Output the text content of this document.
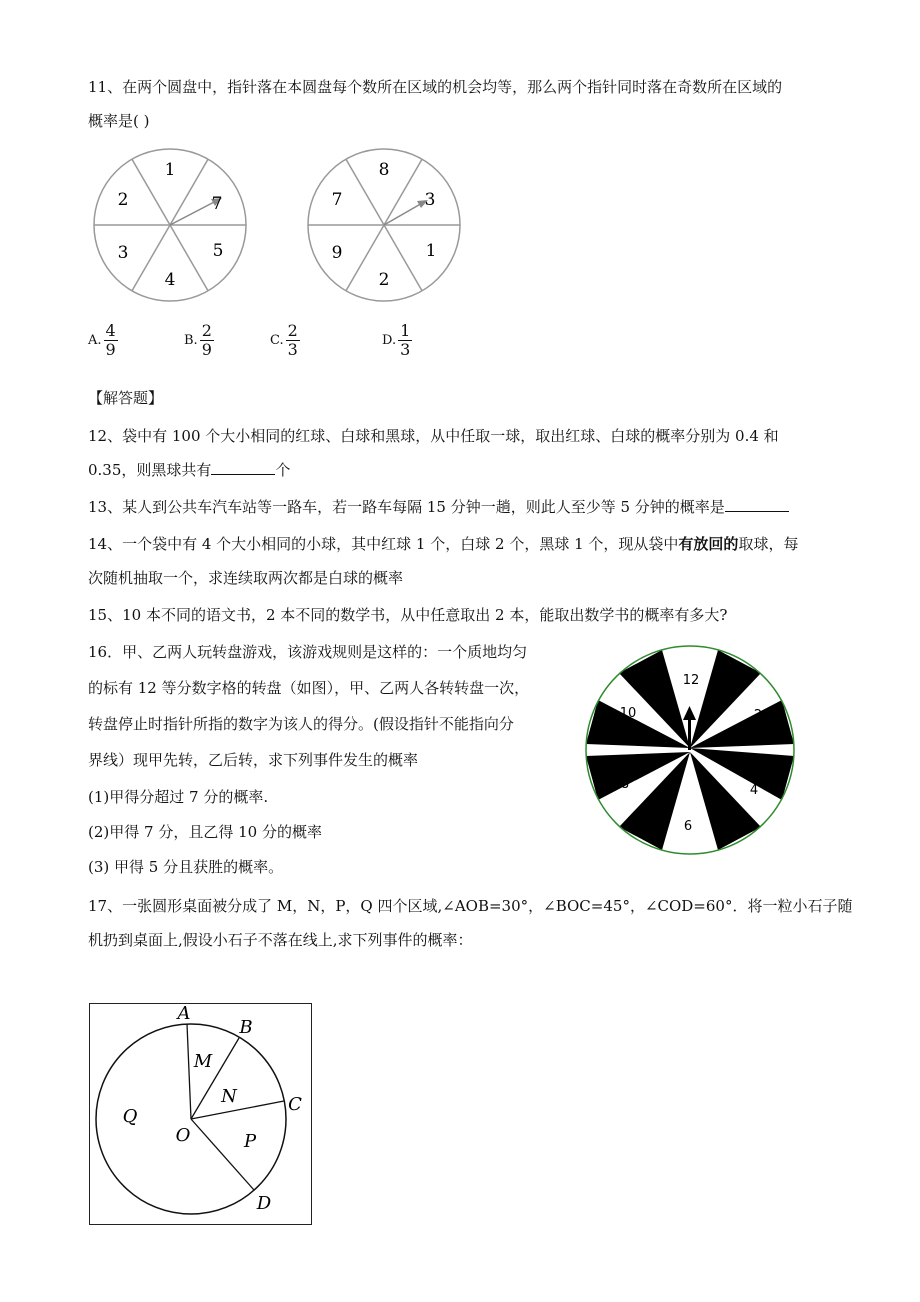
11、在两个圆盘中，指针落在本圆盘每个数所在区域的机会均等，那么两个指针同时落在奇数所在区域的
概率是( )
1
7
5
4
3
2
8
3
1
2
9
7
A. $\frac{4}{9}$	B. $\frac{2}{9}$	C. $\frac{2}{3}$	D. $\frac{1}{3}$
【解答题】
12、袋中有 100 个大小相同的红球、白球和黑球，从中任取一球，取出红球、白球的概率分别为 0.4 和
0.35，则黑球共有	个
13、某人到公共车汽车站等一路车，若一路车每隔 15 分钟一趟，则此人至少等 5 分钟的概率是
14、一个袋中有 4 个大小相同的小球，其中红球 1 个，白球 2 个，黑球 1 个，现从袋中有放回的取球，每
次随机抽取一个，求连续取两次都是白球的概率
15、10 本不同的语文书，2 本不同的数学书，从中任意取出 2 本，能取出数学书的概率有多大?
16．甲、乙两人玩转盘游戏，该游戏规则是这样的：一个质地均匀
的标有 12 等分数字格的转盘（如图），甲、乙两人各转转盘一次，
转盘停止时指针所指的数字为该人的得分。(假设指针不能指向分
界线）现甲先转，乙后转，求下列事件发生的概率
(1)甲得分超过 7 分的概率.
(2)甲得 7 分，且乙得 10 分的概率
(3) 甲得 5 分且获胜的概率。
12
2
4
6
8
10
17、一张圆形桌面被分成了 M，N，P，Q 四个区域,∠AOB=30°，∠BOC=45°，∠COD=60°．将一粒小石子随
机扔到桌面上,假设小石子不落在线上,求下列事件的概率：
A
B
C
D
O
M
N
P
Q
